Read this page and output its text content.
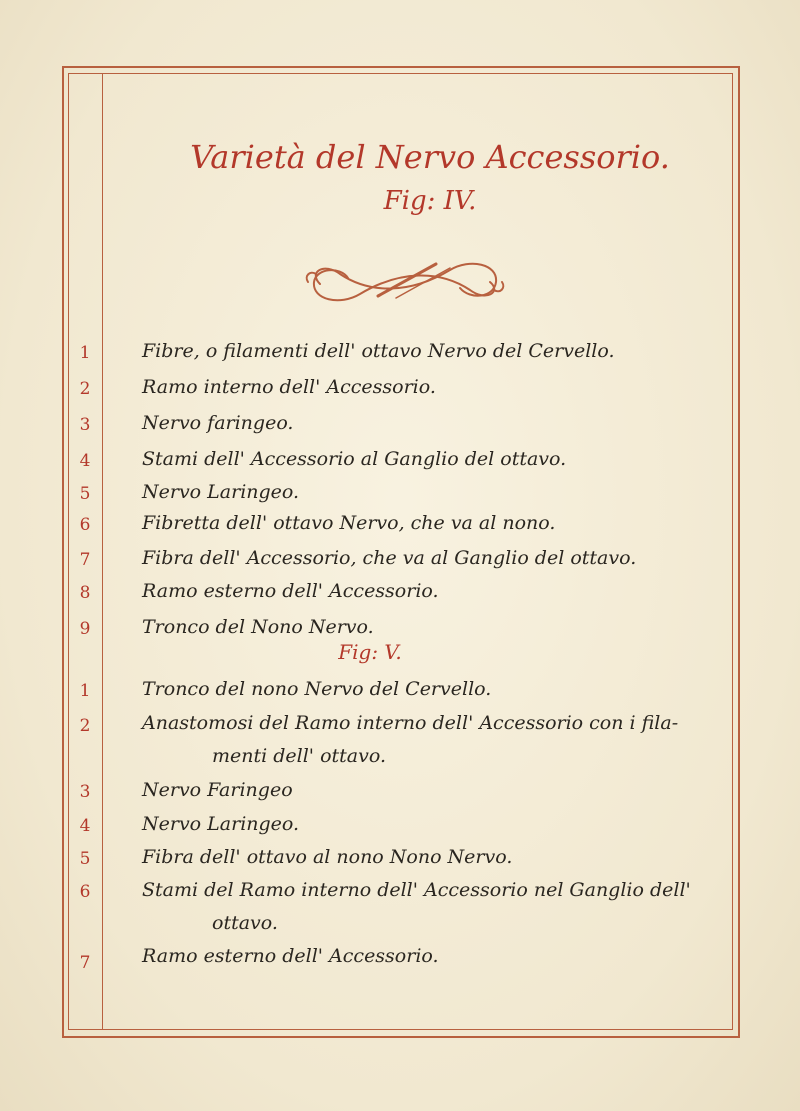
Varietà del Nervo Accessorio.
Fig: IV.
1	Fibre, o filamenti dell' ottavo Nervo del Cervello.
2	Ramo interno dell' Accessorio.
3	Nervo faringeo.
4	Stami dell' Accessorio al Ganglio del ottavo.
5	Nervo Laringeo.
6	Fibretta dell' ottavo Nervo, che va al nono.
7	Fibra dell' Accessorio, che va al Ganglio del ottavo.
8	Ramo esterno dell' Accessorio.
9	Tronco del Nono Nervo.
Fig: V.
1	Tronco del nono Nervo del Cervello.
2	Anastomosi del Ramo interno dell' Accessorio con i fila-
menti dell' ottavo.
3	Nervo Faringeo
4	Nervo Laringeo.
5	Fibra dell' ottavo al nono Nono Nervo.
6	Stami del Ramo interno dell' Accessorio nel Ganglio dell'
ottavo.
7	Ramo esterno dell' Accessorio.
